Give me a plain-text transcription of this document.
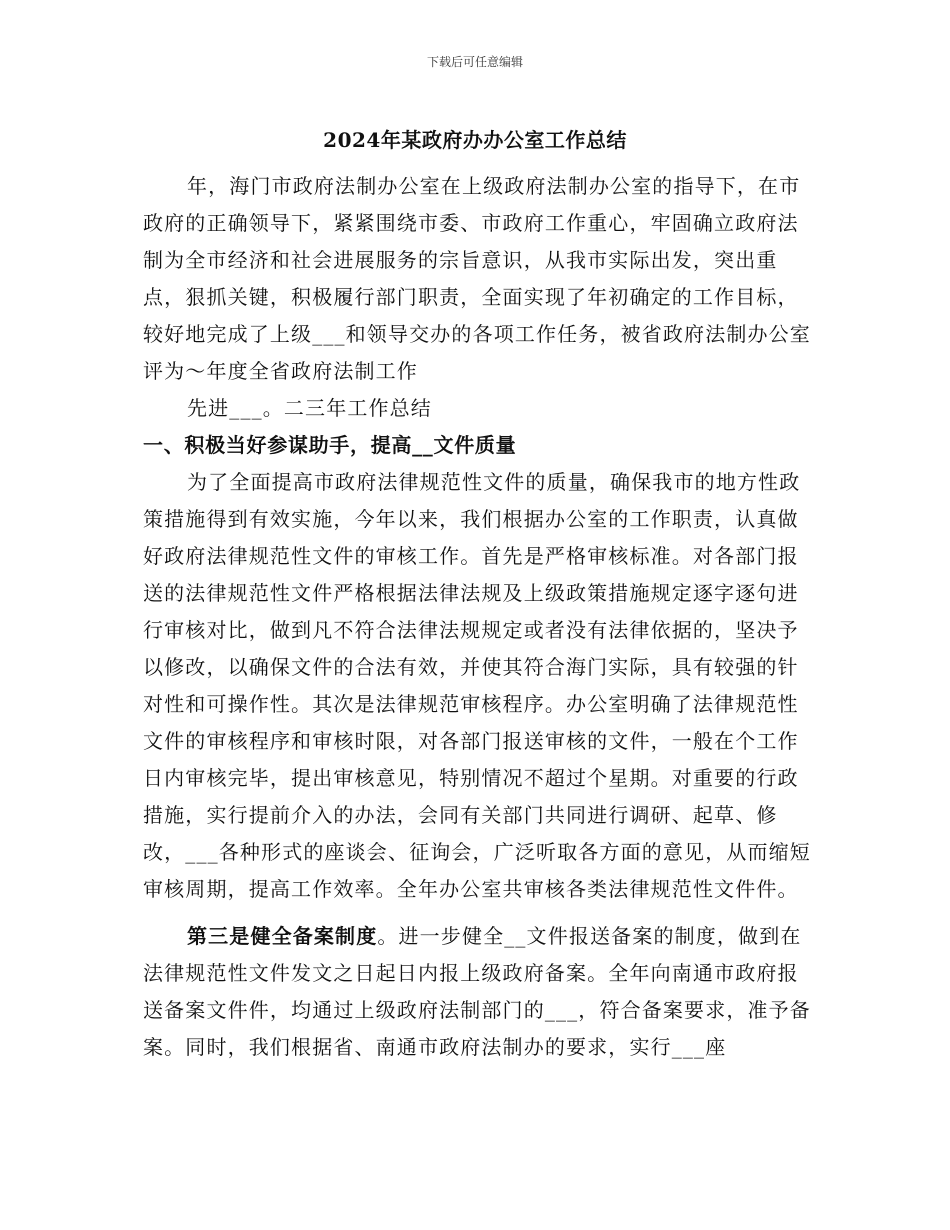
下载后可任意编辑
2024年某政府办办公室工作总结

年，海门市政府法制办公室在上级政府法制办公室的指导下，在市政府的正确领导下，紧紧围绕市委、市政府工作重心，牢固确立政府法制为全市经济和社会进展服务的宗旨意识，从我市实际出发，突出重点，狠抓关键，积极履行部门职责，全面实现了年初确定的工作目标，较好地完成了上级___和领导交办的各项工作任务，被省政府法制办公室评为～年度全省政府法制工作

先进___。二三年工作总结

一、积极当好参谋助手，提高__文件质量

为了全面提高市政府法律规范性文件的质量，确保我市的地方性政策措施得到有效实施，今年以来，我们根据办公室的工作职责，认真做好政府法律规范性文件的审核工作。首先是严格审核标准。对各部门报送的法律规范性文件严格根据法律法规及上级政策措施规定逐字逐句进行审核对比，做到凡不符合法律法规规定或者没有法律依据的，坚决予以修改，以确保文件的合法有效，并使其符合海门实际，具有较强的针对性和可操作性。其次是法律规范审核程序。办公室明确了法律规范性文件的审核程序和审核时限，对各部门报送审核的文件，一般在个工作日内审核完毕，提出审核意见，特别情况不超过个星期。对重要的行政措施，实行提前介入的办法，会同有关部门共同进行调研、起草、修改，___各种形式的座谈会、征询会，广泛听取各方面的意见，从而缩短审核周期，提高工作效率。全年办公室共审核各类法律规范性文件件。

第三是健全备案制度。进一步健全__文件报送备案的制度，做到在法律规范性文件发文之日起日内报上级政府备案。全年向南通市政府报送备案文件件，均通过上级政府法制部门的___，符合备案要求，准予备案。同时，我们根据省、南通市政府法制办的要求，实行___座
